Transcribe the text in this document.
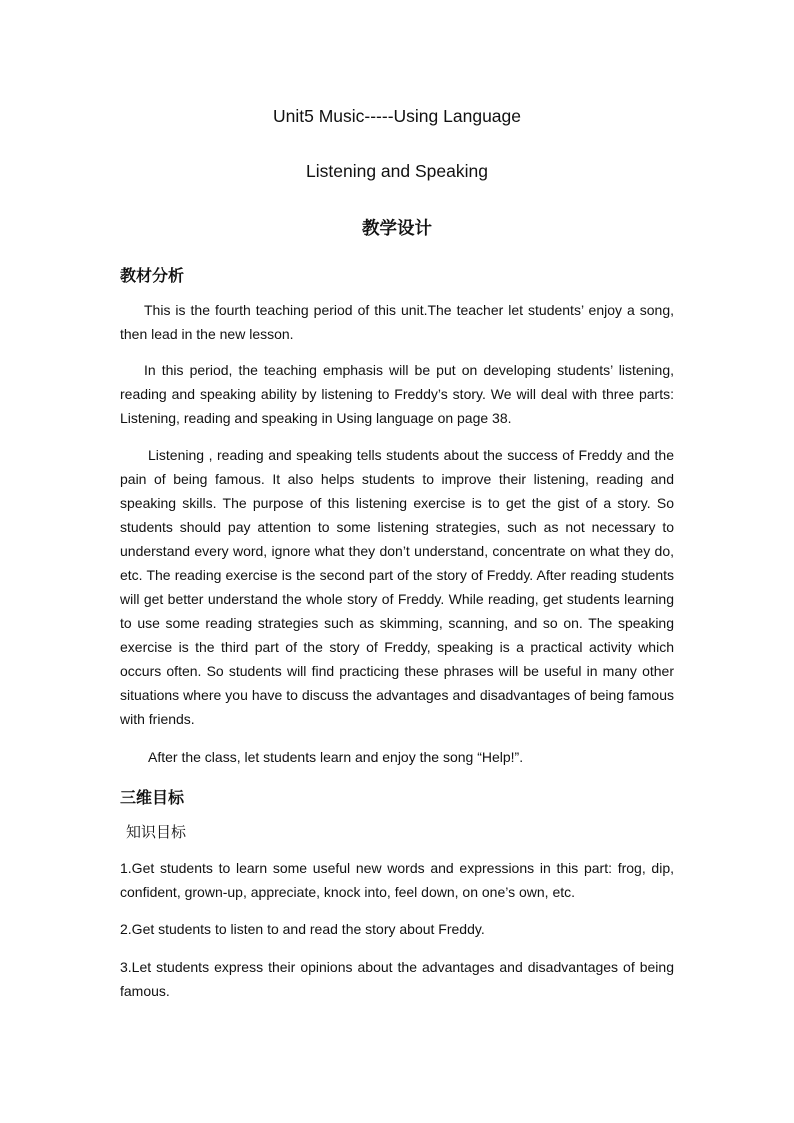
Unit5 Music-----Using Language
Listening and Speaking
教学设计
教材分析

This is the fourth teaching period of this unit.The teacher let students’ enjoy a song, then lead in the new lesson.

In this period, the teaching emphasis will be put on developing students’ listening, reading and speaking ability by listening to Freddy’s story. We will deal with three parts: Listening, reading and speaking in Using language on page 38.

Listening , reading and speaking tells students about the success of Freddy and the pain of being famous. It also helps students to improve their listening, reading and speaking skills. The purpose of this listening exercise is to get the gist of a story. So students should pay attention to some listening strategies, such as not necessary to understand every word, ignore what they don’t understand, concentrate on what they do, etc. The reading exercise is the second part of the story of Freddy. After reading students will get better understand the whole story of Freddy. While reading, get students learning to use some reading strategies such as skimming, scanning, and so on. The speaking exercise is the third part of the story of Freddy, speaking is a practical activity which occurs often. So students will find practicing these phrases will be useful in many other situations where you have to discuss the advantages and disadvantages of being famous with friends.

After the class, let students learn and enjoy the song “Help!”.

三维目标
知识目标

1.Get students to learn some useful new words and expressions in this part: frog, dip, confident, grown-up, appreciate, knock into, feel down, on one’s own, etc.

2.Get students to listen to and read the story about Freddy.

3.Let students express their opinions about the advantages and disadvantages of being famous.
